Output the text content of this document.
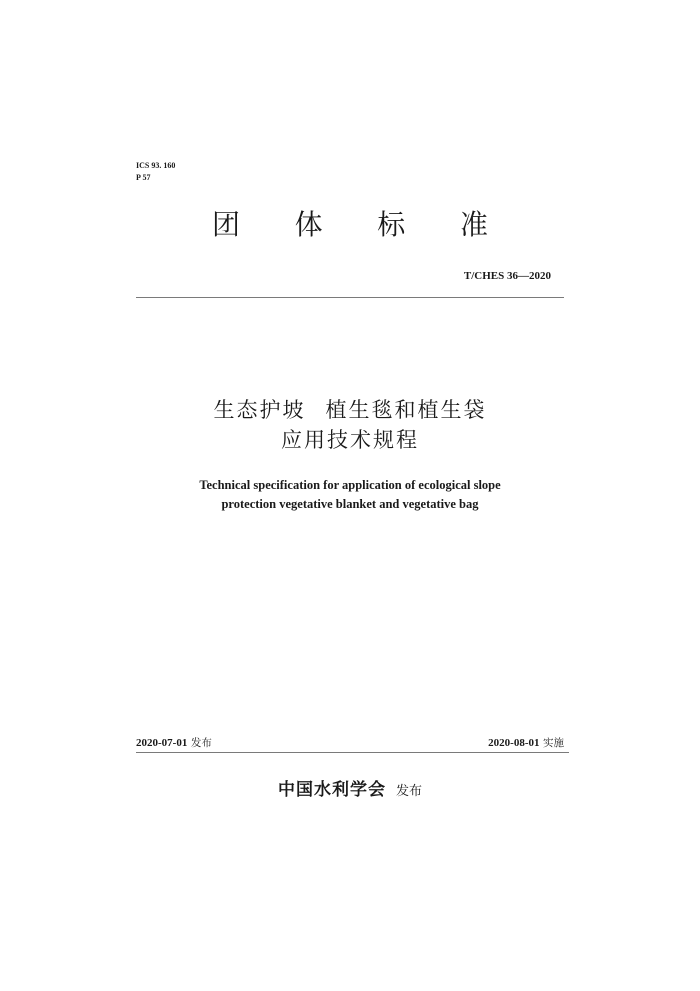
ICS 93. 160
P 57
团 体 标 准
T/CHES 36—2020
生态护坡 植生毯和植生袋
应用技术规程
Technical specification for application of ecological slope
protection vegetative blanket and vegetative bag
2020-07-01 发布	2020-08-01 实施
中国水利学会 发布
